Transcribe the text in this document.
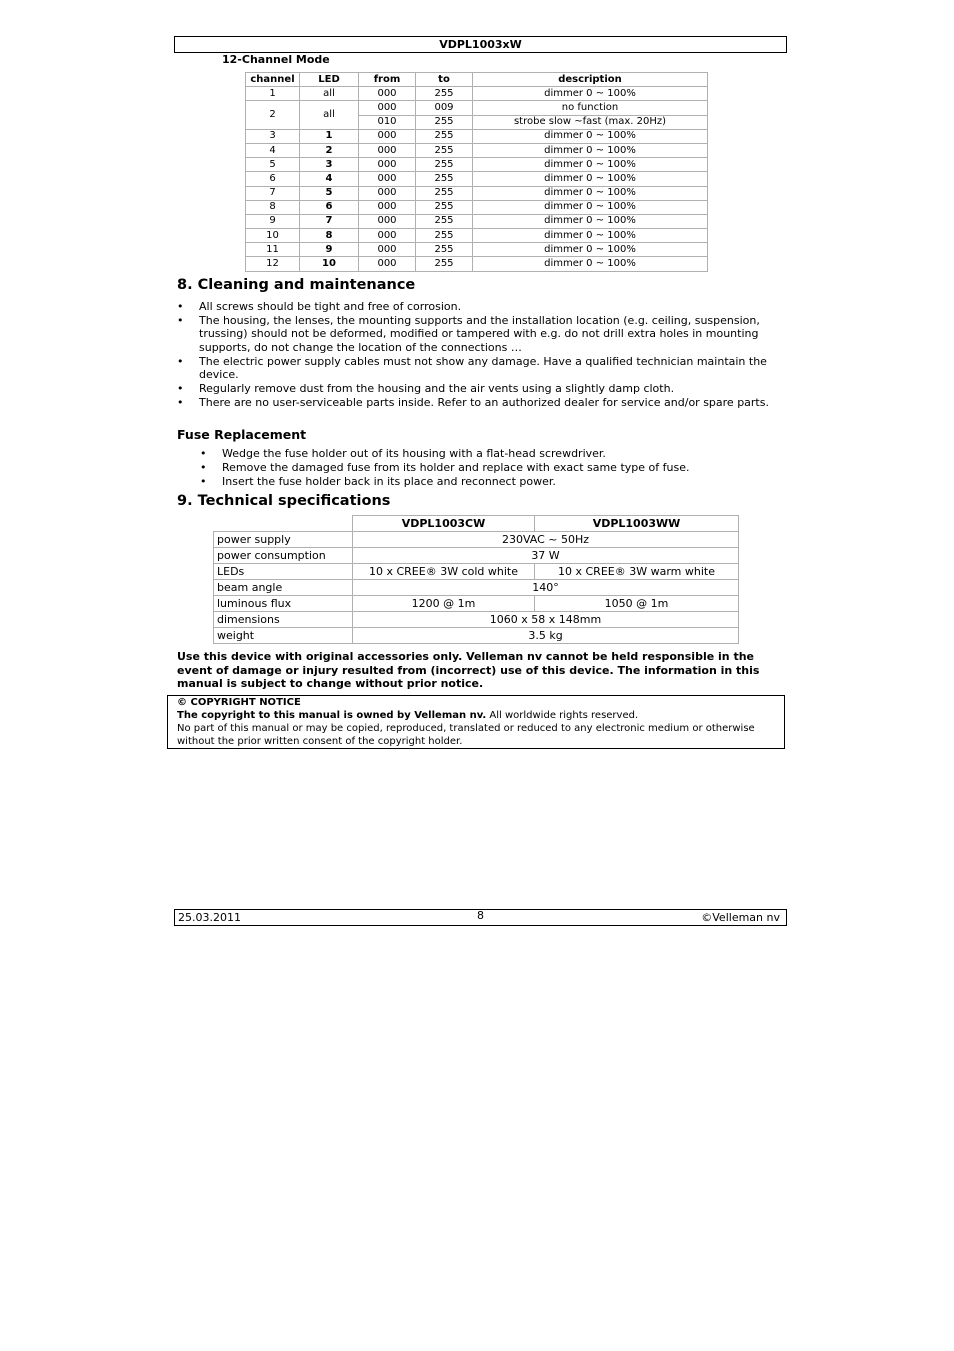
VDPL1003xW
12-Channel Mode
channel	LED	from	to	description
1	all	000	255	dimmer 0 ~ 100%
2	all	000	009	no function
		010	255	strobe slow ~fast (max. 20Hz)
3	1	000	255	dimmer 0 ~ 100%
4	2	000	255	dimmer 0 ~ 100%
5	3	000	255	dimmer 0 ~ 100%
6	4	000	255	dimmer 0 ~ 100%
7	5	000	255	dimmer 0 ~ 100%
8	6	000	255	dimmer 0 ~ 100%
9	7	000	255	dimmer 0 ~ 100%
10	8	000	255	dimmer 0 ~ 100%
11	9	000	255	dimmer 0 ~ 100%
12	10	000	255	dimmer 0 ~ 100%
8. Cleaning and maintenance
• All screws should be tight and free of corrosion.
• The housing, the lenses, the mounting supports and the installation location (e.g. ceiling, suspension, trussing) should not be deformed, modified or tampered with e.g. do not drill extra holes in mounting supports, do not change the location of the connections …
• The electric power supply cables must not show any damage. Have a qualified technician maintain the device.
• Regularly remove dust from the housing and the air vents using a slightly damp cloth.
• There are no user-serviceable parts inside. Refer to an authorized dealer for service and/or spare parts.
Fuse Replacement
• Wedge the fuse holder out of its housing with a flat-head screwdriver.
• Remove the damaged fuse from its holder and replace with exact same type of fuse.
• Insert the fuse holder back in its place and reconnect power.
9. Technical specifications
	VDPL1003CW	VDPL1003WW
power supply	230VAC ~ 50Hz	
power consumption	37 W	
LEDs	10 x CREE® 3W cold white	10 x CREE® 3W warm white
beam angle	140°	
luminous flux	1200 @ 1m	1050 @ 1m
dimensions	1060 x 58 x 148mm	
weight	3.5 kg	
Use this device with original accessories only. Velleman nv cannot be held responsible in the event of damage or injury resulted from (incorrect) use of this device. The information in this manual is subject to change without prior notice.
© COPYRIGHT NOTICE
The copyright to this manual is owned by Velleman nv. All worldwide rights reserved.
No part of this manual or may be copied, reproduced, translated or reduced to any electronic medium or otherwise without the prior written consent of the copyright holder.
25.03.2011	8	©Velleman nv
